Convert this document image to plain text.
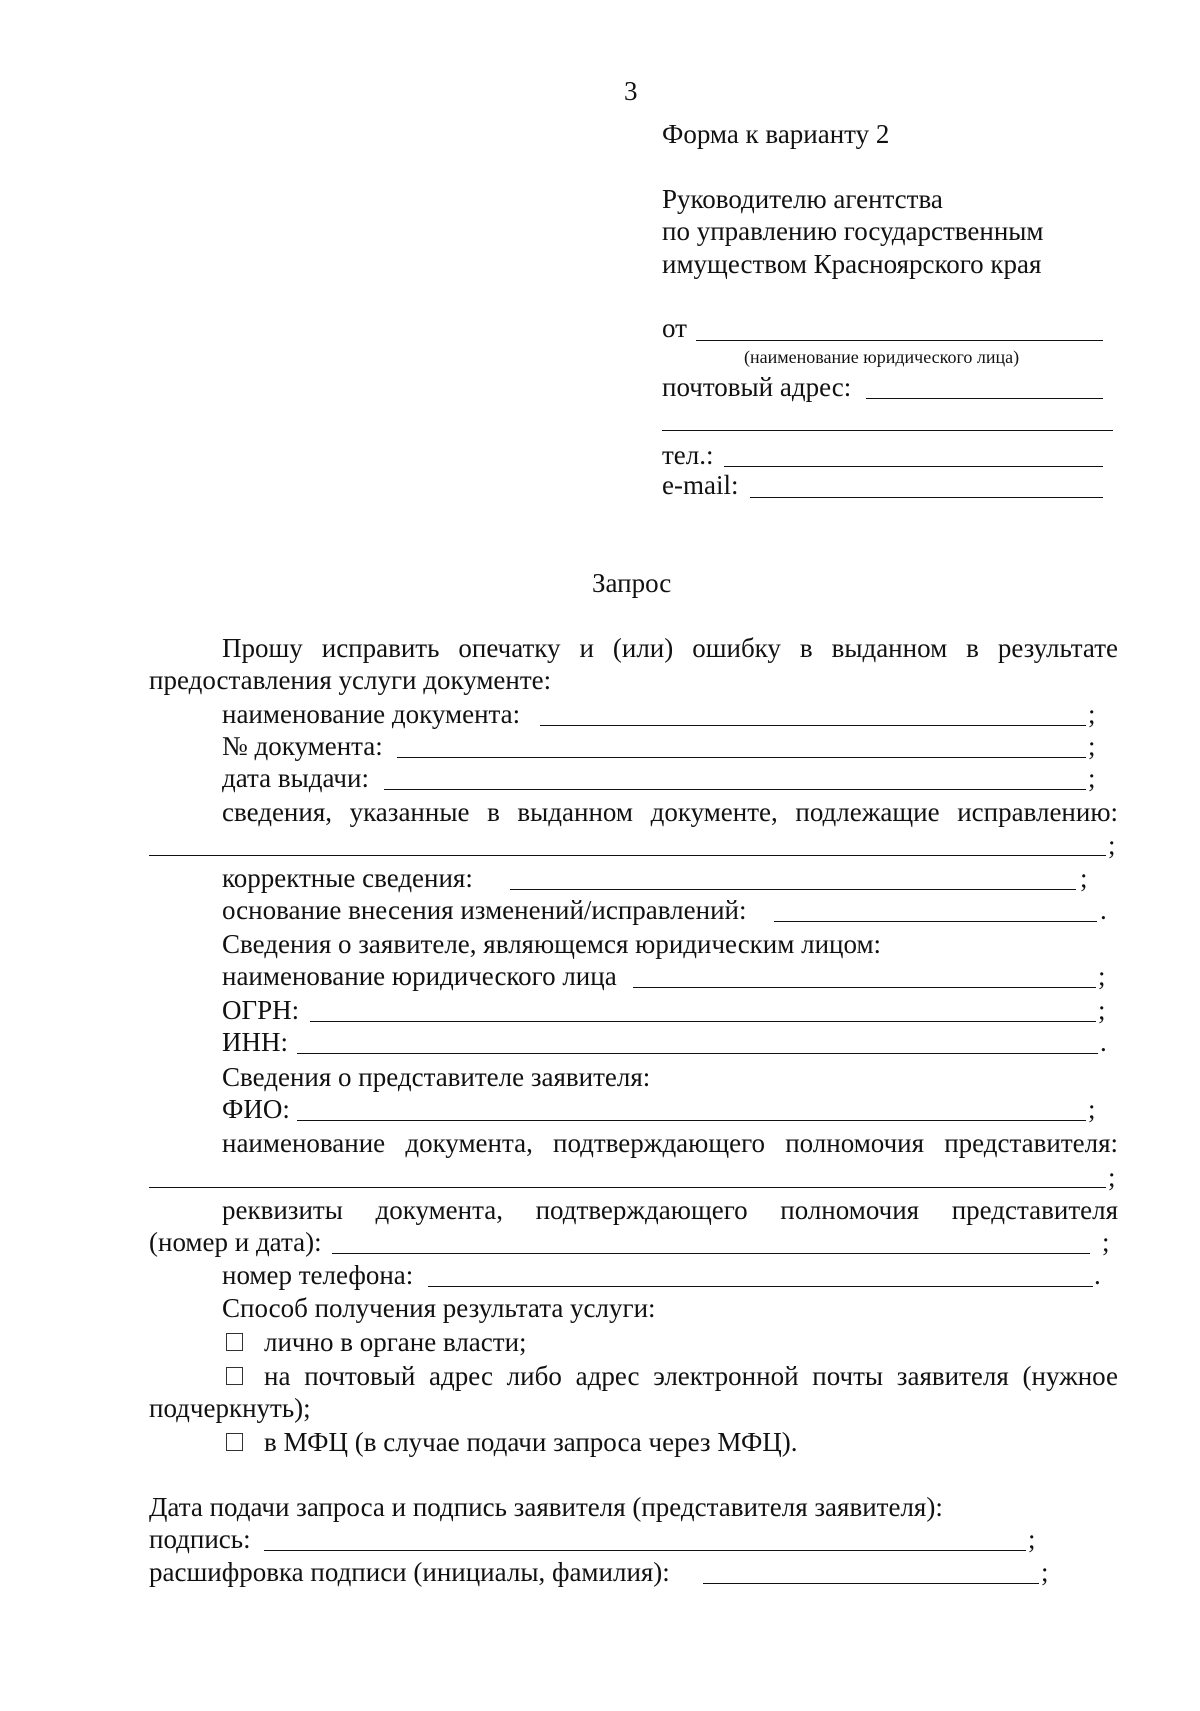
3
Форма к варианту 2
Руководителю агентства
по управлению государственным
имуществом Красноярского края
от
(наименование юридического лица)
почтовый адрес:
тел.:
e-mail:
Запрос
Прошу исправить опечатку и (или) ошибку в выданном в результате
предоставления услуги документе:
наименование документа:	;
№ документа:	;
дата выдачи:	;
сведения, указанные в выданном документе, подлежащие исправлению:
;
корректные сведения:	;
основание внесения изменений/исправлений:	.
Сведения о заявителе, являющемся юридическим лицом:
наименование юридического лица	;
ОГРН:	;
ИНН:	.
Сведения о представителе заявителя:
ФИО:	;
наименование документа, подтверждающего полномочия представителя:
;
реквизиты документа, подтверждающего полномочия представителя
(номер и дата):	;
номер телефона:	.
Способ получения результата услуги:
лично в органе власти;
на почтовый адрес либо адрес электронной почты заявителя (нужное
подчеркнуть);
в МФЦ (в случае подачи запроса через МФЦ).
Дата подачи запроса и подпись заявителя (представителя заявителя):
подпись:	;
расшифровка подписи (инициалы, фамилия):	;
